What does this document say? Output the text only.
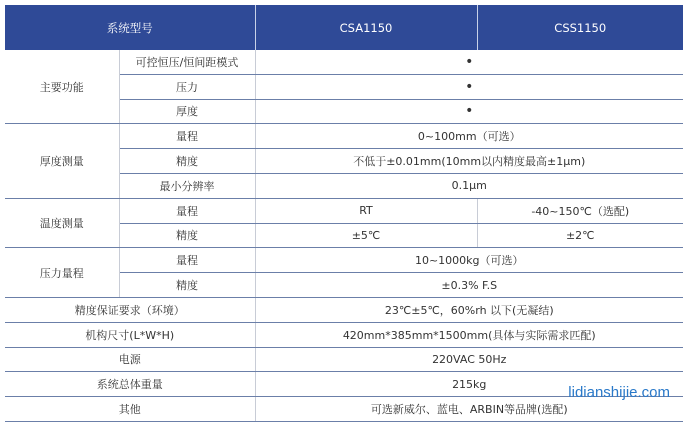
系统型号		CSA1150	CSS1150
主要功能	可控恒压/恒间距模式	•	
	压力	•	
	厚度	•	
厚度测量	量程	0~100mm（可选）	
	精度	不低于±0.01mm(10mm以内精度最高±1µm)	
	最小分辨率	0.1µm	
温度测量	量程	RT	-40~150℃（选配)
	精度	±5℃	±2℃
压力量程	量程	10~1000kg（可选）	
	精度	±0.3% F.S	
精度保证要求（环境）		23℃±5℃，60%rh 以下(无凝结)	
机构尺寸(L*W*H)		420mm*385mm*1500mm(具体与实际需求匹配)	
电源		220VAC 50Hz	
系统总体重量		215kg	
其他		可选新威尔、蓝电、ARBIN等品牌(选配)	
lidianshijie.com
